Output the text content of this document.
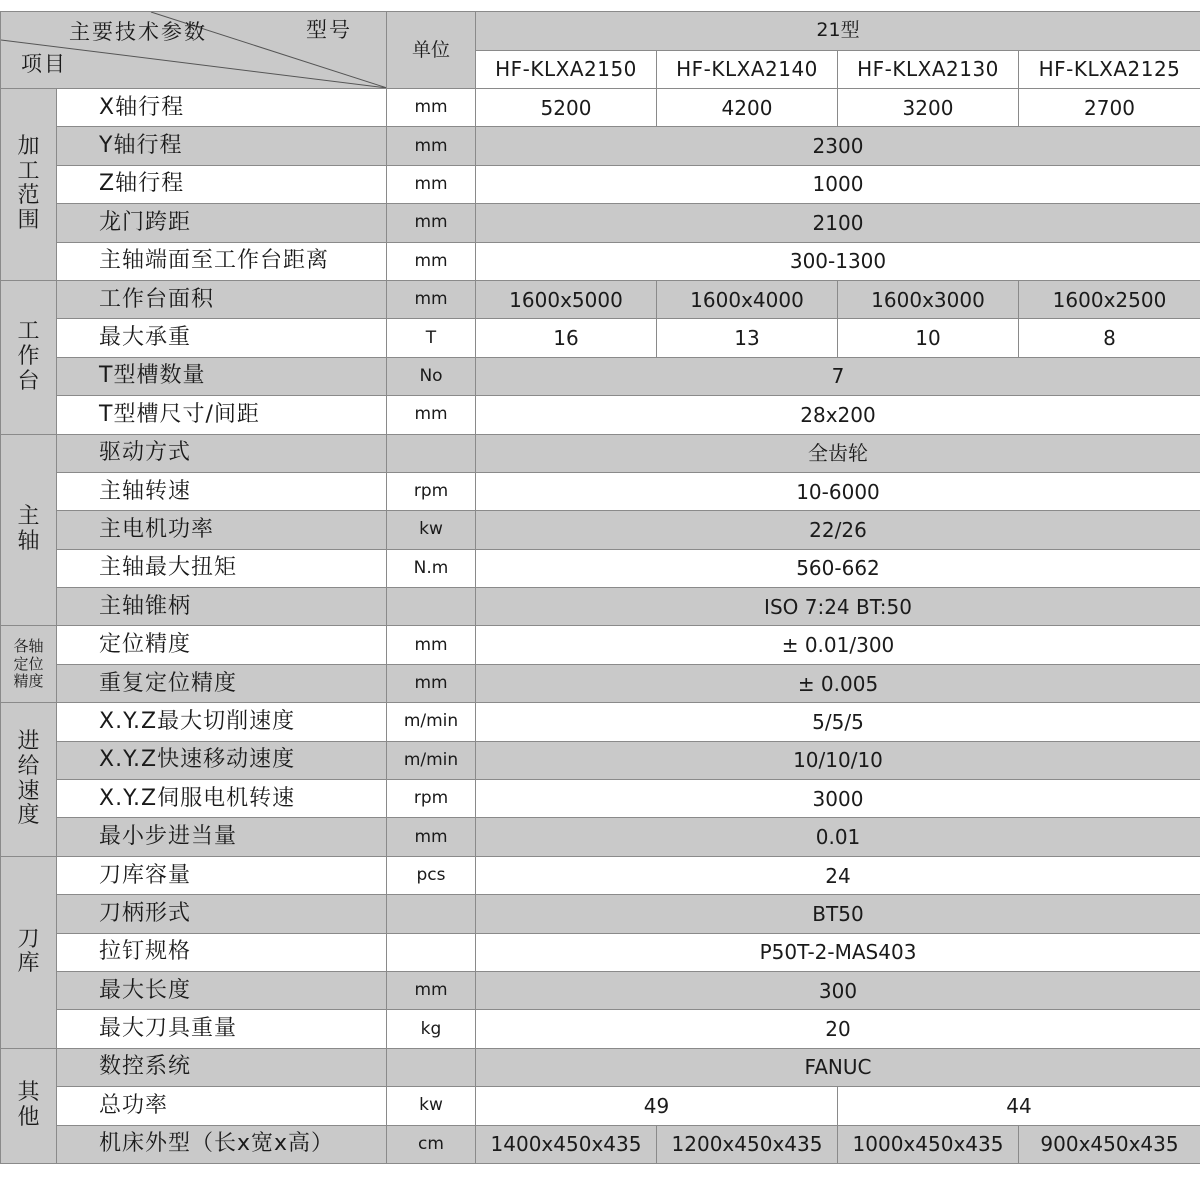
主要技术参数 型号
项目		单位	21型			
			HF-KLXA2150	HF-KLXA2140	HF-KLXA2130	HF-KLXA2125
加工范围	X轴行程	mm	5200	4200	3200	2700
	Y轴行程	mm	2300			
	Z轴行程	mm	1000			
	龙门跨距	mm	2100			
	主轴端面至工作台距离	mm	300-1300			
工作台	工作台面积	mm	1600x5000	1600x4000	1600x3000	1600x2500
	最大承重	T	16	13	10	8
	T型槽数量	No	7			
	T型槽尺寸/间距	mm	28x200			
主轴	驱动方式		全齿轮			
	主轴转速	rpm	10-6000			
	主电机功率	kw	22/26			
	主轴最大扭矩	N.m	560-662			
	主轴锥柄		ISO 7:24 BT:50			
各轴定位精度	定位精度	mm	± 0.01/300			
	重复定位精度	mm	± 0.005			
进给速度	X.Y.Z最大切削速度	m/min	5/5/5			
	X.Y.Z快速移动速度	m/min	10/10/10			
	X.Y.Z伺服电机转速	rpm	3000			
	最小步进当量	mm	0.01			
刀库	刀库容量	pcs	24			
	刀柄形式		BT50			
	拉钉规格		P50T-2-MAS403			
	最大长度	mm	300			
	最大刀具重量	kg	20			
其他	数控系统		FANUC			
	总功率	kw	49		44	
	机床外型（长x宽x高）	cm	1400x450x435	1200x450x435	1000x450x435	900x450x435
